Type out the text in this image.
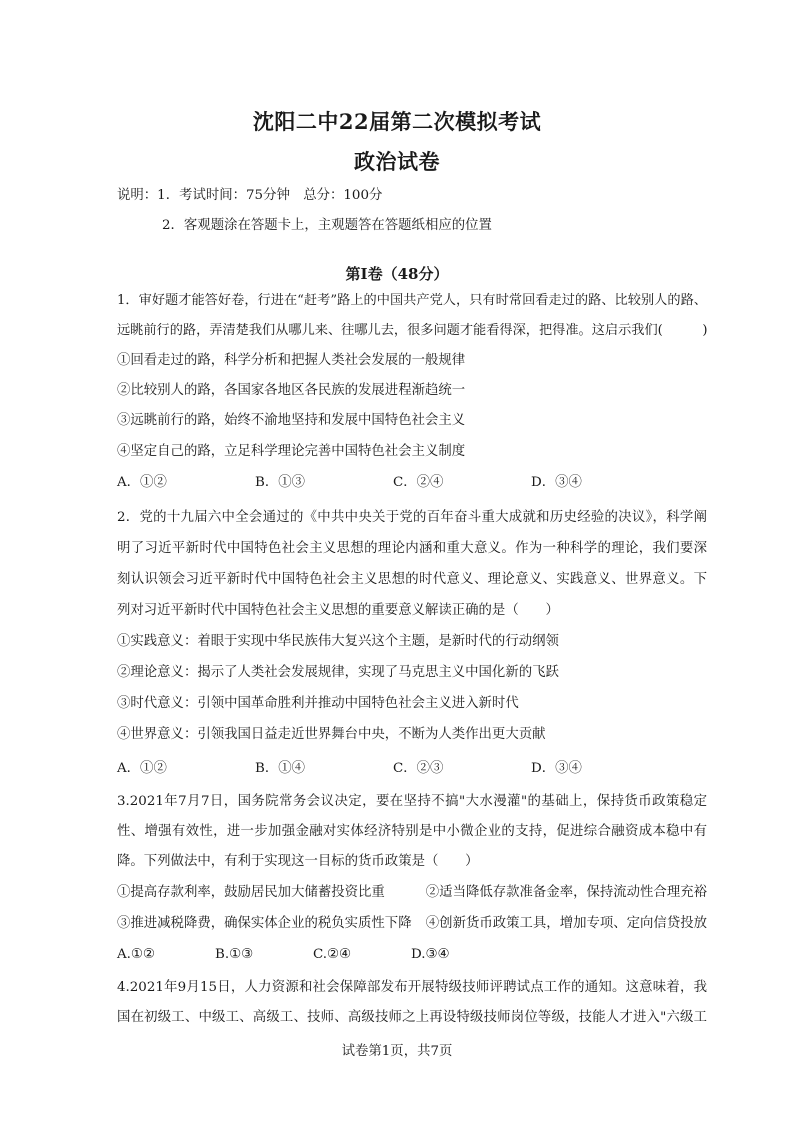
沈阳二中22届第二次模拟考试
政治试卷
说明：1．考试时间：75分钟　总分：100分
2．客观题涂在答题卡上，主观题答在答题纸相应的位置
第Ⅰ卷（48分）
1．审好题才能答好卷，行进在“赶考”路上的中国共产党人，只有时常回看走过的路、比较别人的路、
远眺前行的路，弄清楚我们从哪儿来、往哪儿去，很多问题才能看得深，把得准。这启示我们(　　　)
①回看走过的路，科学分析和把握人类社会发展的一般规律
②比较别人的路，各国家各地区各民族的发展进程渐趋统一
③远眺前行的路，始终不渝地坚持和发展中国特色社会主义
④坚定自己的路，立足科学理论完善中国特色社会主义制度
A．①②	B．①③	C．②④	D．③④
2．党的十九届六中全会通过的《中共中央关于党的百年奋斗重大成就和历史经验的决议》，科学阐
明了习近平新时代中国特色社会主义思想的理论内涵和重大意义。作为一种科学的理论，我们要深
刻认识领会习近平新时代中国特色社会主义思想的时代意义、理论意义、实践意义、世界意义。下
列对习近平新时代中国特色社会主义思想的重要意义解读正确的是（　　）
①实践意义：着眼于实现中华民族伟大复兴这个主题，是新时代的行动纲领
②理论意义：揭示了人类社会发展规律，实现了马克思主义中国化新的飞跃
③时代意义：引领中国革命胜利并推动中国特色社会主义进入新时代
④世界意义：引领我国日益走近世界舞台中央，不断为人类作出更大贡献
A．①②	B．①④	C．②③	D．③④
3.2021年7月7日，国务院常务会议决定，要在坚持不搞"大水漫灌"的基础上，保持货币政策稳定
性、增强有效性，进一步加强金融对实体经济特别是中小微企业的支持，促进综合融资成本稳中有
降。下列做法中，有利于实现这一目标的货币政策是（　　）
①提高存款利率，鼓励居民加大储蓄投资比重	②适当降低存款准备金率，保持流动性合理充裕
③推进减税降费，确保实体企业的税负实质性下降 ④创新货币政策工具，增加专项、定向信贷投放
A.①②	B.①③	C.②④	D.③④
4.2021年9月15日，人力资源和社会保障部发布开展特级技师评聘试点工作的通知。这意味着，我
国在初级工、中级工、高级工、技师、高级技师之上再设特级技师岗位等级，技能人才进入"六级工
试卷第1页，共7页
